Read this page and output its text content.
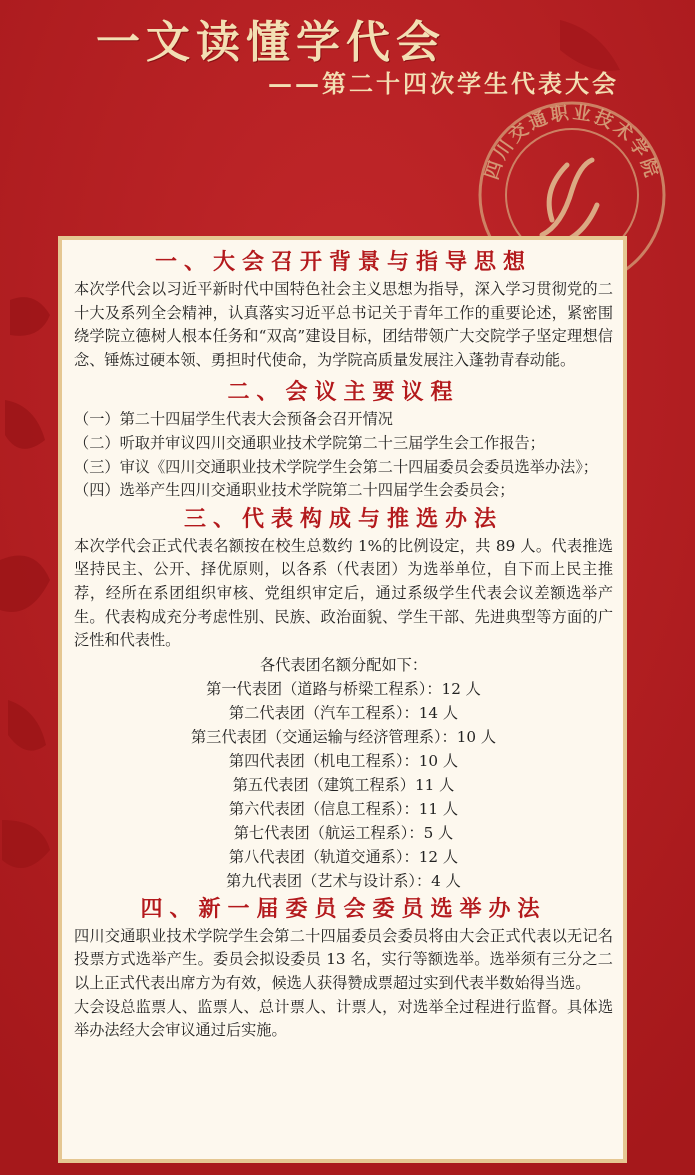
一文读懂学代会
——第二十四次学生代表大会
四川交通职业技术学院
一、大会召开背景与指导思想

本次学代会以习近平新时代中国特色社会主义思想为指导，深入学习贯彻党的二十大及系列全会精神，认真落实习近平总书记关于青年工作的重要论述，紧密围绕学院立德树人根本任务和“双高”建设目标，团结带领广大交院学子坚定理想信念、锤炼过硬本领、勇担时代使命，为学院高质量发展注入蓬勃青春动能。

二、会议主要议程
（一）第二十四届学生代表大会预备会召开情况
（二）听取并审议四川交通职业技术学院第二十三届学生会工作报告；
（三）审议《四川交通职业技术学院学生会第二十四届委员会委员选举办法》；
（四）选举产生四川交通职业技术学院第二十四届学生会委员会；
三、代表构成与推选办法

本次学代会正式代表名额按在校生总数约 1%的比例设定，共 89 人。代表推选坚持民主、公开、择优原则，以各系（代表团）为选举单位，自下而上民主推荐，经所在系团组织审核、党组织审定后，通过系级学生代表会议差额选举产生。代表构成充分考虑性别、民族、政治面貌、学生干部、先进典型等方面的广泛性和代表性。

各代表团名额分配如下：

第一代表团（道路与桥梁工程系）：12 人
第二代表团（汽车工程系）：14 人
第三代表团（交通运输与经济管理系）：10 人
第四代表团（机电工程系）：10 人
第五代表团（建筑工程系）11 人
第六代表团（信息工程系）：11 人
第七代表团（航运工程系）：5 人
第八代表团（轨道交通系）：12 人
第九代表团（艺术与设计系）：4 人
四、新一届委员会委员选举办法

四川交通职业技术学院学生会第二十四届委员会委员将由大会正式代表以无记名投票方式选举产生。委员会拟设委员 13 名，实行等额选举。选举须有三分之二以上正式代表出席方为有效，候选人获得赞成票超过实到代表半数始得当选。

大会设总监票人、监票人、总计票人、计票人，对选举全过程进行监督。具体选举办法经大会审议通过后实施。
